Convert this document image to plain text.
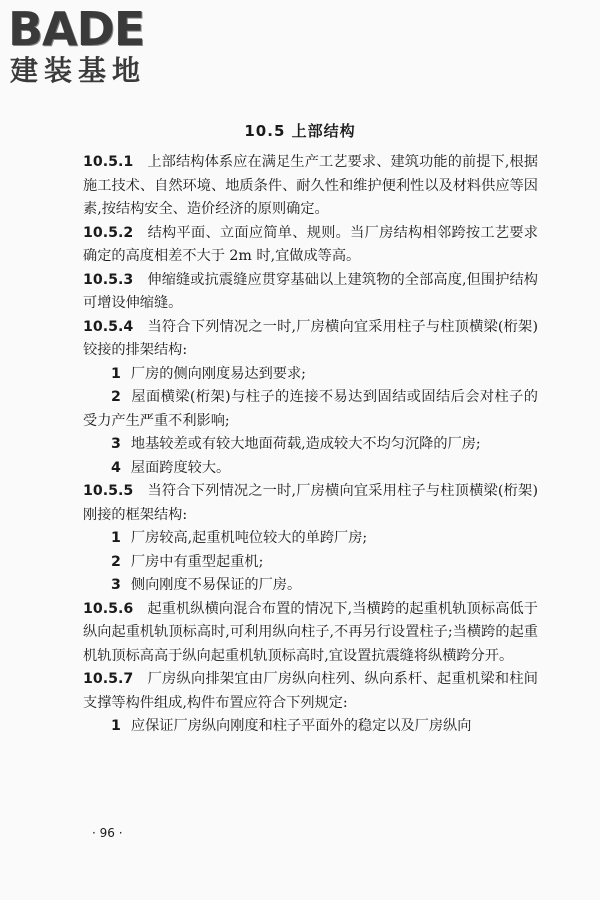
BADE
建装基地
10.5 上部结构

10.5.1 上部结构体系应在满足生产工艺要求、建筑功能的前提下,根据施工技术、自然环境、地质条件、耐久性和维护便利性以及材料供应等因素,按结构安全、造价经济的原则确定。

10.5.2 结构平面、立面应简单、规则。当厂房结构相邻跨按工艺要求确定的高度相差不大于 2m 时,宜做成等高。

10.5.3 伸缩缝或抗震缝应贯穿基础以上建筑物的全部高度,但围护结构可增设伸缩缝。

10.5.4 当符合下列情况之一时,厂房横向宜采用柱子与柱顶横梁(桁架)铰接的排架结构:

1 厂房的侧向刚度易达到要求;

2 屋面横梁(桁架)与柱子的连接不易达到固结或固结后会对柱子的受力产生严重不利影响;

3 地基较差或有较大地面荷载,造成较大不均匀沉降的厂房;

4 屋面跨度较大。

10.5.5 当符合下列情况之一时,厂房横向宜采用柱子与柱顶横梁(桁架)刚接的框架结构:

1 厂房较高,起重机吨位较大的单跨厂房;

2 厂房中有重型起重机;

3 侧向刚度不易保证的厂房。

10.5.6 起重机纵横向混合布置的情况下,当横跨的起重机轨顶标高低于纵向起重机轨顶标高时,可利用纵向柱子,不再另行设置柱子;当横跨的起重机轨顶标高高于纵向起重机轨顶标高时,宜设置抗震缝将纵横跨分开。

10.5.7 厂房纵向排架宜由厂房纵向柱列、纵向系杆、起重机梁和柱间支撑等构件组成,构件布置应符合下列规定:

1 应保证厂房纵向刚度和柱子平面外的稳定以及厂房纵向

· 96 ·
